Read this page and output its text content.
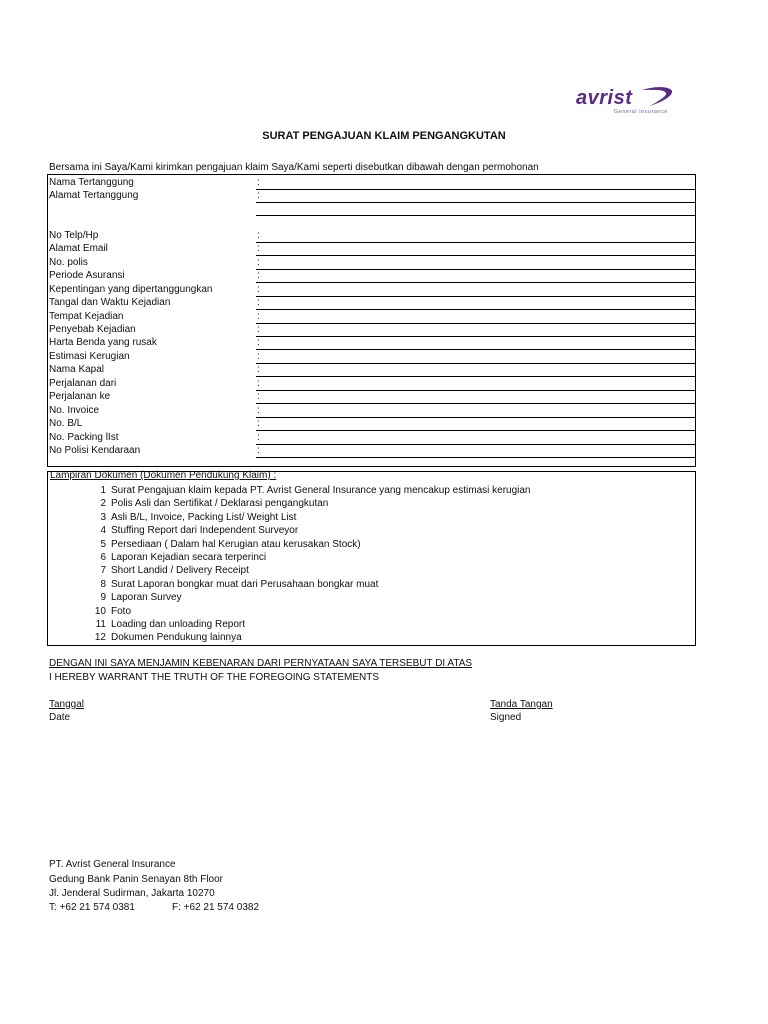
avrist
General Insurance
SURAT PENGAJUAN KLAIM PENGANGKUTAN
Bersama ini Saya/Kami kirimkan pengajuan klaim Saya/Kami seperti disebutkan dibawah dengan permohonan
Nama Tertanggung	:
Alamat Tertanggung	:
No Telp/Hp	:
Alamat Email	:
No. polis	:
Periode Asuransi	:
Kepentingan yang dipertanggungkan	:
Tangal dan Waktu Kejadian	:
Tempat Kejadian	:
Penyebab Kejadian	:
Harta Benda yang rusak	:
Estimasi Kerugian	:
Nama Kapal	:
Perjalanan dari	:
Perjalanan ke	:
No. Invoice	:
No. B/L	:
No. Packing lIst	:
No Polisi Kendaraan	:
Lampiran Dokumen (Dokumen Pendukung Klaim) :
1 Surat Pengajuan klaim kepada PT. Avrist General Insurance yang mencakup estimasi kerugian
2 Polis Asli dan Sertifikat / Deklarasi pengangkutan
3 Asli B/L, Invoice, Packing List/ Weight List
4 Stuffing Report dari Independent Surveyor
5 Persediaan ( Dalam hal Kerugian atau kerusakan Stock)
6 Laporan Kejadian secara terperinci
7 Short Landid / Delivery Receipt
8 Surat Laporan bongkar muat dari Perusahaan bongkar muat
9 Laporan Survey
10 Foto
11 Loading dan unloading Report
12 Dokumen Pendukung lainnya
DENGAN INI SAYA MENJAMIN KEBENARAN DARI PERNYATAAN SAYA TERSEBUT DI ATAS
I HEREBY WARRANT THE TRUTH OF THE FOREGOING STATEMENTS
Tanggal
Date
Tanda Tangan
Signed
PT. Avrist General Insurance
Gedung Bank Panin Senayan 8th Floor
Jl. Jenderal Sudirman, Jakarta 10270
T: +62 21 574 0381	F: +62 21 574 0382
